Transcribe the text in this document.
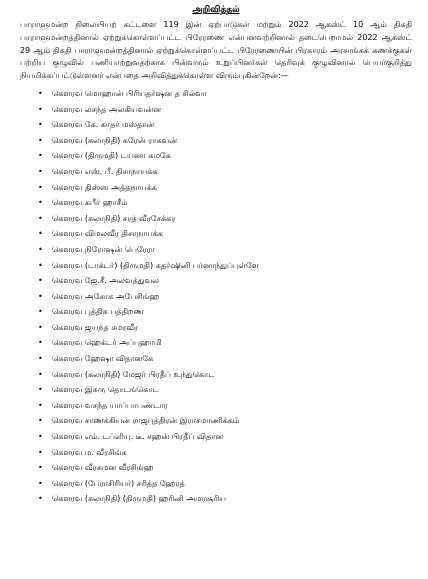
அறிவித்தல்

பாராளுமன்ற நிலையியற் கட்டளை 119 இன் ஏற்பாடுகள் மற்றும் 2022 ஆகஸ்ட் 10 ஆம் திகதி பாராளுமன்றத்தினால் ஏற்றுக்கொள்ளப்பட்ட பிரேரணை என்பனவற்றினால் தடைபெறாமல் 2022 ஆகஸ்ட் 29 ஆம் திகதி பாராளுமன்றத்தினால் ஏற்றுக்கொள்ளப்பட்ட பிரேரணையின் பிரகாரம் அரசாங்கக் கணக்குகள் பற்றிய குழுவில் பணியாற்றுவதற்காக பின்வரும் உறுப்பினர்கள் தெரிவுக் குழுவினால் பெயர்குறித்து நியமிக்கப்பட்டுள்ளனர் என்பதை அறிவித்துக்கொள்ள விரும்புகின்றேன்:—

• கௌரவ மொஹான் பிரியதர்ஷன த சில்வா
• கௌரவ லசந்த அலகியவன்ன
• கௌரவ கே. காதர் மஸ்தான்
• கௌரவ (கலாநிதி) சுரேன் ராகவன்
• கௌரவ (திருமதி) டயனா கமகே
• கௌரவ எஸ். பீ. திசாநாயக்க
• கௌரவ திஸ்ஸ அத்தநாயக்க
• கௌரவ கபீர் ஹாசீம்
• கௌரவ (கலாநிதி) சரத் வீரசேக்கர
• கௌரவ விமலவீர திசாநாயக்க
• கௌரவ நிரோஷன் பெரேரா
• கௌரவ (டாக்டர்) (திருமதி) சுதர்ஷினி பர்னாந்துப்புள்ளே
• கௌரவ ஜே.சீ. அலவத்துவல
• கௌரவ அசோக அபேசிங்ஹ
• கௌரவ புத்திக பத்திறண
• கௌரவ ஜயந்த சமரவீர
• கௌரவ ஹெக்டர் அப்புஹாமி
• கௌரவ ஹேஷா விதானகே
• கௌரவ (கலாநிதி) மேஜர் பிரதீப் உந்துகொட
• கௌரவ இசுரு தொடங்கொட
• கௌரவ வசந்த யாப்பாபண்டார
• கௌரவ சாணக்கியன் ராஜபுத்திரன் இராசமாணிக்கம்
• கௌரவ எம். டப்ளியு. டீ. சஹன் பிரதீப் விதான
• கௌரவ ம. வீரசிங்க
• கௌரவ வீரசுமன வீரசிங்ஹ
• கௌரவ (பேராசிரியர்) சரித்த ஹேரத்
• கௌரவ (கலாநிதி) (திருமதி) ஹரினி அமரசூரிய
